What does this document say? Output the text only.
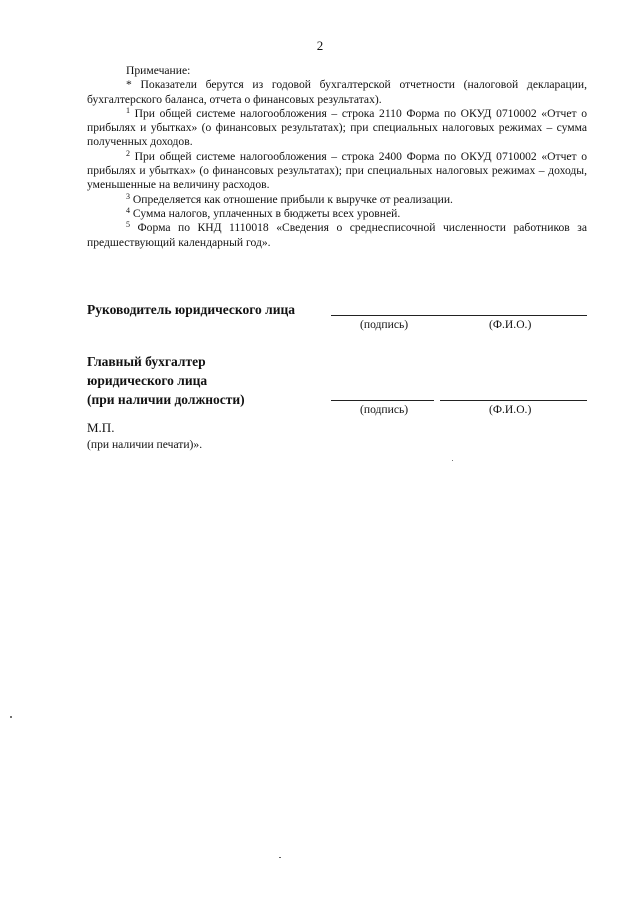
2

Примечание:

* Показатели берутся из годовой бухгалтерской отчетности (налоговой декларации, бухгалтерского баланса, отчета о финансовых результатах).

$^1$ При общей системе налогообложения – строка 2110 Форма по ОКУД 0710002 «Отчет о прибылях и убытках» (о финансовых результатах); при специальных налоговых режимах – сумма полученных доходов.

$^2$ При общей системе налогообложения – строка 2400 Форма по ОКУД 0710002 «Отчет о прибылях и убытках» (о финансовых результатах); при специальных налоговых режимах – доходы, уменьшенные на величину расходов.

$^3$ Определяется как отношение прибыли к выручке от реализации.

$^4$ Сумма налогов, уплаченных в бюджеты всех уровней.

$^5$ Форма по КНД 1110018 «Сведения о среднесписочной численности работников за предшествующий календарный год».

Руководитель юридического лица
(подпись)	(Ф.И.О.)
Главный бухгалтер
юридического лица
(при наличии должности)
(подпись)	(Ф.И.О.)
М.П.
(при наличии печати)».
